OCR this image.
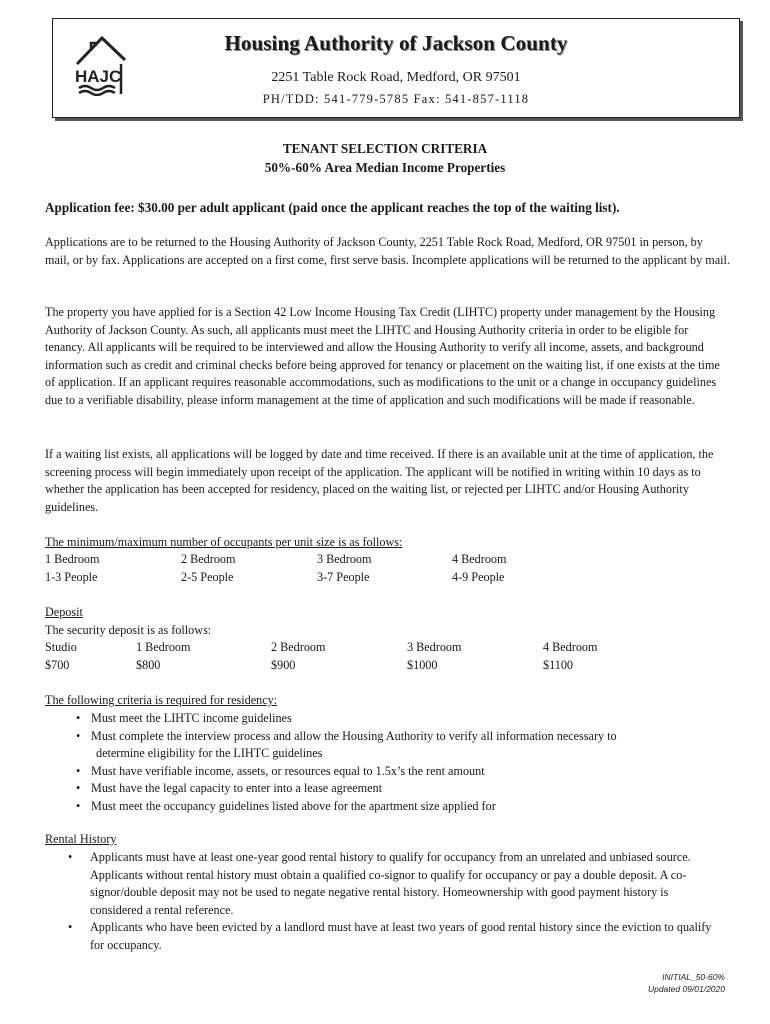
HAJC
Housing Authority of Jackson County
2251 Table Rock Road, Medford, OR 97501
PH/TDD: 541-779-5785 Fax: 541-857-1118
TENANT SELECTION CRITERIA
50%-60% Area Median Income Properties
Application fee: $30.00 per adult applicant (paid once the applicant reaches the top of the waiting list).

Applications are to be returned to the Housing Authority of Jackson County, 2251 Table Rock Road, Medford, OR 97501 in person, by mail, or by fax. Applications are accepted on a first come, first serve basis. Incomplete applications will be returned to the applicant by mail.

The property you have applied for is a Section 42 Low Income Housing Tax Credit (LIHTC) property under management by the Housing Authority of Jackson County. As such, all applicants must meet the LIHTC and Housing Authority criteria in order to be eligible for tenancy. All applicants will be required to be interviewed and allow the Housing Authority to verify all income, assets, and background information such as credit and criminal checks before being approved for tenancy or placement on the waiting list, if one exists at the time of application. If an applicant requires reasonable accommodations, such as modifications to the unit or a change in occupancy guidelines due to a verifiable disability, please inform management at the time of application and such modifications will be made if reasonable.

If a waiting list exists, all applications will be logged by date and time received. If there is an available unit at the time of application, the screening process will begin immediately upon receipt of the application. The applicant will be notified in writing within 10 days as to whether the application has been accepted for residency, placed on the waiting list, or rejected per LIHTC and/or Housing Authority guidelines.

The minimum/maximum number of occupants per unit size is as follows:
1 Bedroom	2 Bedroom	3 Bedroom	4 Bedroom
1-3 People	2-5 People	3-7 People	4-9 People
Deposit
The security deposit is as follows:
Studio	1 Bedroom	2 Bedroom	3 Bedroom	4 Bedroom
$700	$800	$900	$1000	$1100
The following criteria is required for residency:
• Must meet the LIHTC income guidelines
• Must complete the interview process and allow the Housing Authority to verify all information necessary to
determine eligibility for the LIHTC guidelines
• Must have verifiable income, assets, or resources equal to 1.5x’s the rent amount
• Must have the legal capacity to enter into a lease agreement
• Must meet the occupancy guidelines listed above for the apartment size applied for
Rental History
• Applicants must have at least one-year good rental history to qualify for occupancy from an unrelated and unbiased source. Applicants without rental history must obtain a qualified co-signor to qualify for occupancy or pay a double deposit. A co-signor/double deposit may not be used to negate negative rental history. Homeownership with good payment history is considered a rental reference.
• Applicants who have been evicted by a landlord must have at least two years of good rental history since the eviction to qualify for occupancy.
INITIAL_50-60%
Updated 09/01/2020
